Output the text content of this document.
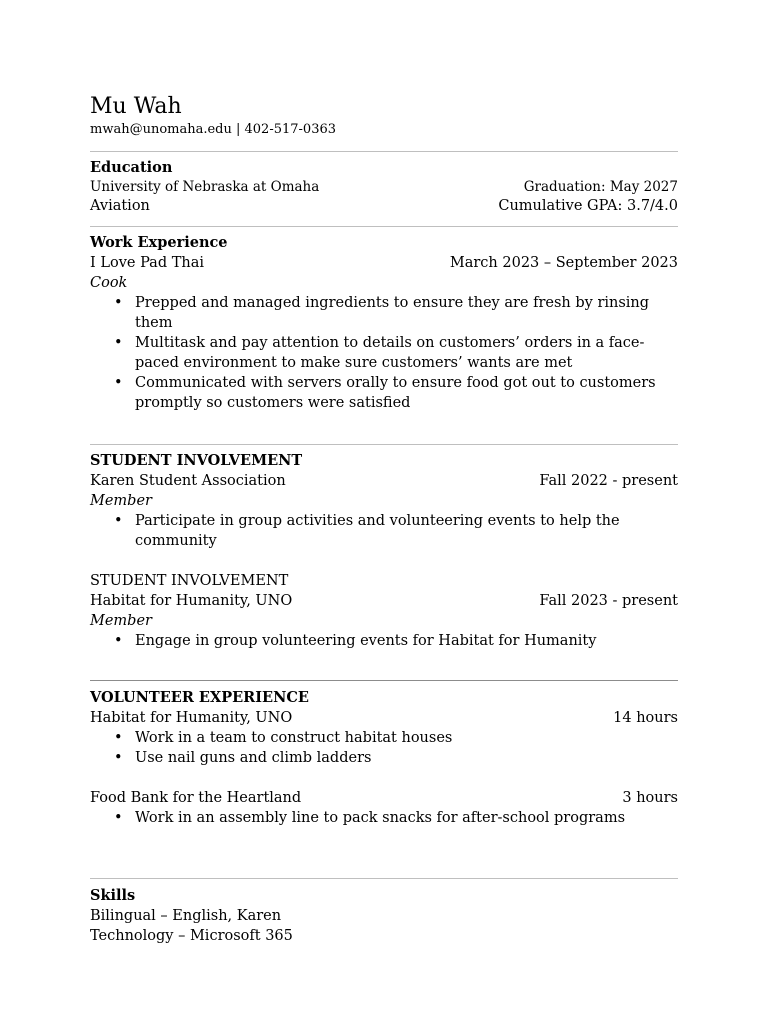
Mu Wah
mwah@unomaha.edu | 402-517-0363
Education
University of Nebraska at Omaha	Graduation: May 2027
Aviation	Cumulative GPA: 3.7/4.0
Work Experience
I Love Pad Thai	March 2023 – September 2023
Cook
• Prepped and managed ingredients to ensure they are fresh by rinsing them
• Multitask and pay attention to details on customers’ orders in a face-paced environment to make sure customers’ wants are met
• Communicated with servers orally to ensure food got out to customers promptly so customers were satisfied
STUDENT INVOLVEMENT
Karen Student Association	Fall 2022 - present
Member
• Participate in group activities and volunteering events to help the community
STUDENT INVOLVEMENT
Habitat for Humanity, UNO	Fall 2023 - present
Member
• Engage in group volunteering events for Habitat for Humanity
VOLUNTEER EXPERIENCE
Habitat for Humanity, UNO	14 hours
• Work in a team to construct habitat houses
• Use nail guns and climb ladders
Food Bank for the Heartland	3 hours
• Work in an assembly line to pack snacks for after-school programs
Skills
Bilingual – English, Karen
Technology – Microsoft 365
